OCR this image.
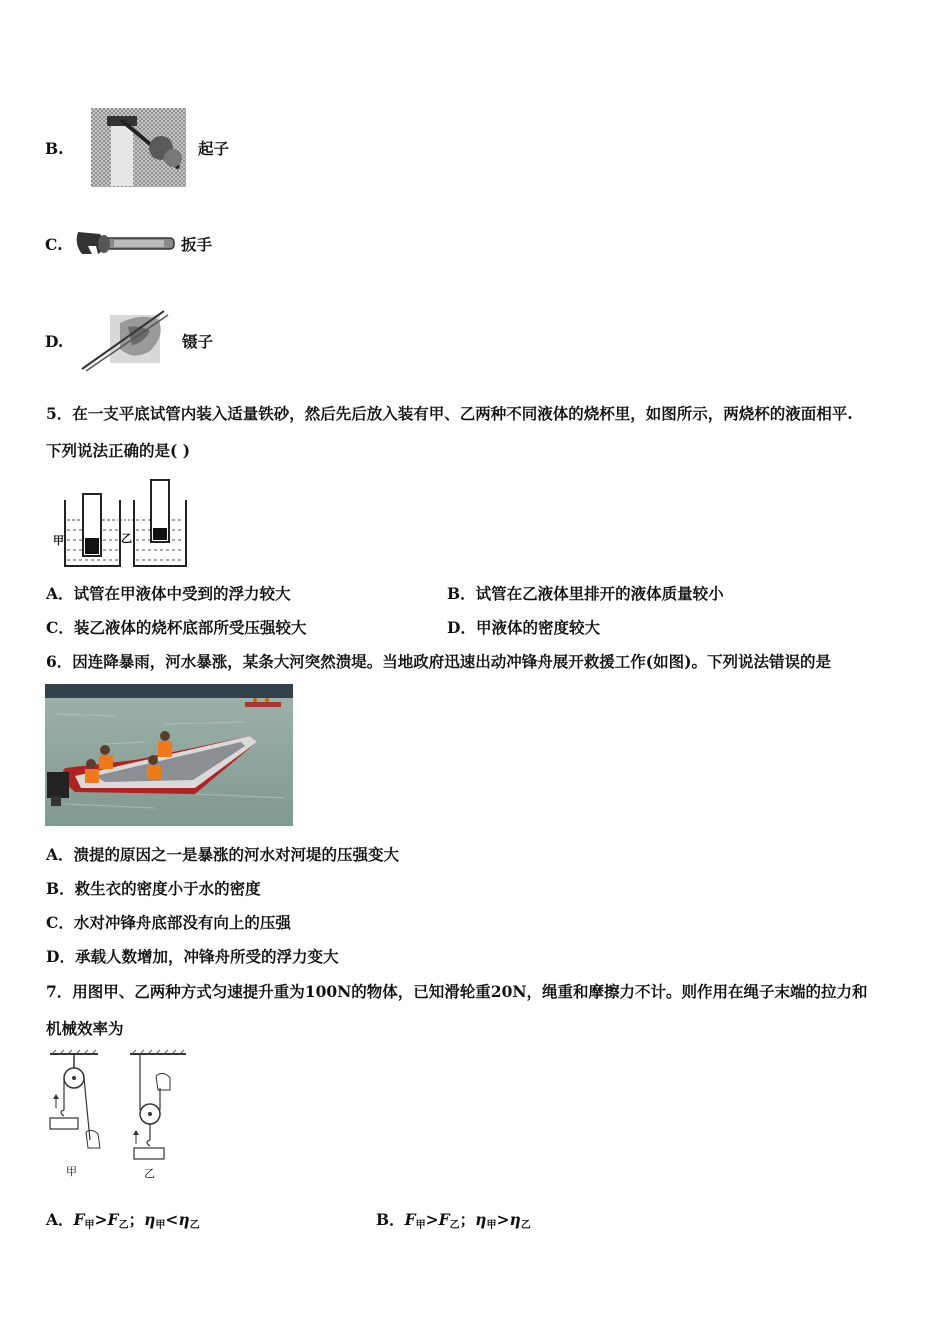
B.	起子
C.	扳手
D.	镊子
5．在一支平底试管内装入适量铁砂，然后先后放入装有甲、乙两种不同液体的烧杯里，如图所示，两烧杯的液面相平.
下列说法正确的是( )
甲	乙
A．试管在甲液体中受到的浮力较大	B．试管在乙液体里排开的液体质量较小
C．装乙液体的烧杯底部所受压强较大	D．甲液体的密度较大
6．因连降暴雨，河水暴涨，某条大河突然溃堤。当地政府迅速出动冲锋舟展开救援工作(如图)。下列说法错误的是
A．溃提的原因之一是暴涨的河水对河堤的压强变大
B．救生衣的密度小于水的密度
C．水对冲锋舟底部没有向上的压强
D．承载人数增加，冲锋舟所受的浮力变大
7．用图甲、乙两种方式匀速提升重为100N的物体，已知滑轮重20N，绳重和摩擦力不计。则作用在绳子末端的拉力和
机械效率为
甲	乙
A．$F_甲>F_乙$；$\eta_甲<\eta_乙$	B．$F_甲>F_乙$；$\eta_甲>\eta_乙$
